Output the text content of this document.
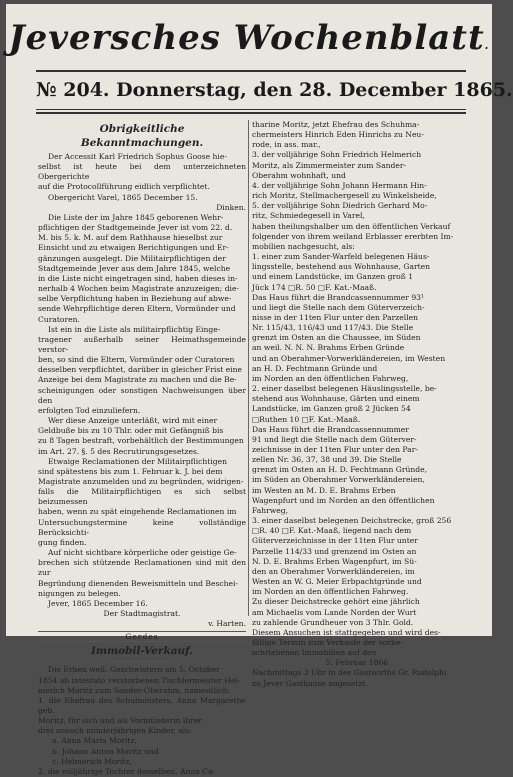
Jeversches Wochenblatt.
№ 204. Donnerstag, den 28. December 1865.

Obrigkeitliche Bekanntmachungen.

Der Accessit Karl Friedrich Sophus Goose hie-

selbst ist heute bei dem unterzeichneten Obergerichte

auf die Protocollführung eidlich verpflichtet.

Obergericht Varel, 1865 December 15.

Dinken.

Die Liste der im Jahre 1845 geborenen Wehr-

pflichtigen der Stadtgemeinde Jever ist vom 22. d.

M. bis 5. k. M. auf dem Rathhause hieselbst zur

Einsicht und zu etwaigen Berichtigungen und Er-

gänzungen ausgelegt. Die Militairpflichtigen der

Stadtgemeinde Jever aus dem Jahre 1845, welche

in die Liste nicht eingetragen sind, haben dieses in-

nerhalb 4 Wochen beim Magistrate anzuzeigen; die-

selbe Verpflichtung haben in Beziehung auf abwe-

sende Wehrpflichtige deren Eltern, Vormünder und

Curatoren.

Ist ein in die Liste als militairpflichtig Einge-

tragener außerhalb seiner Heimathsgemeinde verstor-

ben, so sind die Eltern, Vormünder oder Curatoren

desselben verpflichtet, darüber in gleicher Frist eine

Anzeige bei dem Magistrate zu machen und die Be-

scheinigungen oder sonstigen Nachweisungen über den

erfolgten Tod einzuliefern.

Wer diese Anzeige unterläßt, wird mit einer

Geldbuße bis zu 10 Thlr. oder mit Gefängniß bis

zu 8 Tagen bestraft, vorbehältlich der Bestimmungen

im Art. 27. §. 5 des Recrutirungsgesetzes.

Etwaige Reclamationen der Militairpflichtigen

sind spätestens bis zum 1. Februar k. J. bei dem

Magistrate anzumelden und zu begründen, widrigen-

falls die Militairpflichtigen es sich selbst beizumessen

haben, wenn zu spät eingehende Reclamationen im

Untersuchungstermine keine vollständige Berücksichti-

gung finden.

Auf nicht sichtbare körperliche oder geistige Ge-

brechen sich stützende Reclamationen sind mit den zur

Begründung dienenden Beweismitteln und Beschei-

nigungen zu belegen.

Jever, 1865 December 16.

Der Stadtmagistrat.

v. Harten.

Gerdes

Immobil-Verkauf.

Die Erben weil. Geschwistern am 5. October

1854 ab intestato verstorbenen Tischlermeister Hel-

merich Moritz zum Sander-Oberahm, namentlich:

1. die Ehefrau des Schulmeisters, Anna Margarethe geb.

Moritz, für sich und als Vormünderin ihrer

drei annoch minderjährigen Kinder, als:

a. Anna Maria Moritz,

b. Johann Anton Moritz und

c. Helmerich Moritz,

2. die volljährige Tochter desselben, Anna Ca-

tharine Moritz, jetzt Ehefrau des Schuhma-

chermeisters Hinrich Eden Hinrichs zu Neu-

rode, in ass. mar.,

3. der volljährige Sohn Friedrich Helmerich

Moritz, als Zimmermeister zum Sander-

Oberahm wohnhaft, und

4. der volljährige Sohn Johann Hermann Hin-

rich Moritz, Stellmachergesell zu Winkelsheide,

5. der volljährige Sohn Diedrich Gerhard Mo-

ritz, Schmiedegesell in Varel,

haben theilungshalber um den öffentlichen Verkauf

folgender von ihrem weiland Erblasser ererbten Im-

mobilien nachgesucht, als:

1. einer zum Sander-Warfeld belegenen Häus-

lingsstelle, bestehend aus Wohnhause, Garten

und einem Landstücke, im Ganzen groß 1

Jück 174 □R. 50 □F. Kat.-Maaß.

Das Haus führt die Brandcassennummer 93¹

und liegt die Stelle nach dem Güterverzeich-

nisse in der 11ten Flur unter den Parzellen

Nr. 115/43, 116/43 und 117/43. Die Stelle

grenzt im Osten an die Chaussee, im Süden

an weil. N. N. N. Brahms Erben Gründe

und an Oberahmer-Vorwerkländereien, im Westen

an H. D. Fechtmann Gründe und

im Norden an den öffentlichen Fahrweg,

2. einer daselbst belegenen Häuslingsstelle, be-

stehend aus Wohnhause, Gärten und einem

Landstücke, im Ganzen groß 2 Jücken 54

□Ruthen 10 □F. Kat.-Maaß.

Das Haus führt die Brandcassennummer

91 und liegt die Stelle nach dem Güterver-

zeichnisse in der 11ten Flur unter den Par-

zellen Nr. 36, 37, 38 und 39. Die Stelle

grenzt im Osten an H. D. Fechtmann Gründe,

im Süden an Oberahmer Vorwerkländereien,

im Westen an M. D. E. Brahms Erben

Wagenpfurt und im Norden an den öffentlichen

Fahrweg,

3. einer daselbst belegenen Deichstrecke, groß 256

□R. 40 □F. Kat.-Maaß, liegend nach dem

Güterverzeichnisse in der 11ten Flur unter

Parzelle 114/33 und grenzend im Osten an

N. D. E. Brahms Erben Wagenpfurt, im Sü-

den an Oberahmer Vorwerkländereien, im

Westen an W. G. Meier Erbpachtgründe und

im Norden an den öffentlichen Fahrweg.

Zu dieser Deichstrecke gehört eine jährlich

am Michaelis vom Lande Norden der Wurt

zu zahlende Grundheuer von 3 Thlr. Gold.

Diesem Ansuchen ist stattgegeben und wird des-

fällige Termin zum Verkaufe der vorbe-

schriebenen Immobilien auf den

5. Februar 1866

Nachmittags 3 Uhr in des Gastwirths Gr. Rudolphi

zu Jever Gasthause angesetzt.
